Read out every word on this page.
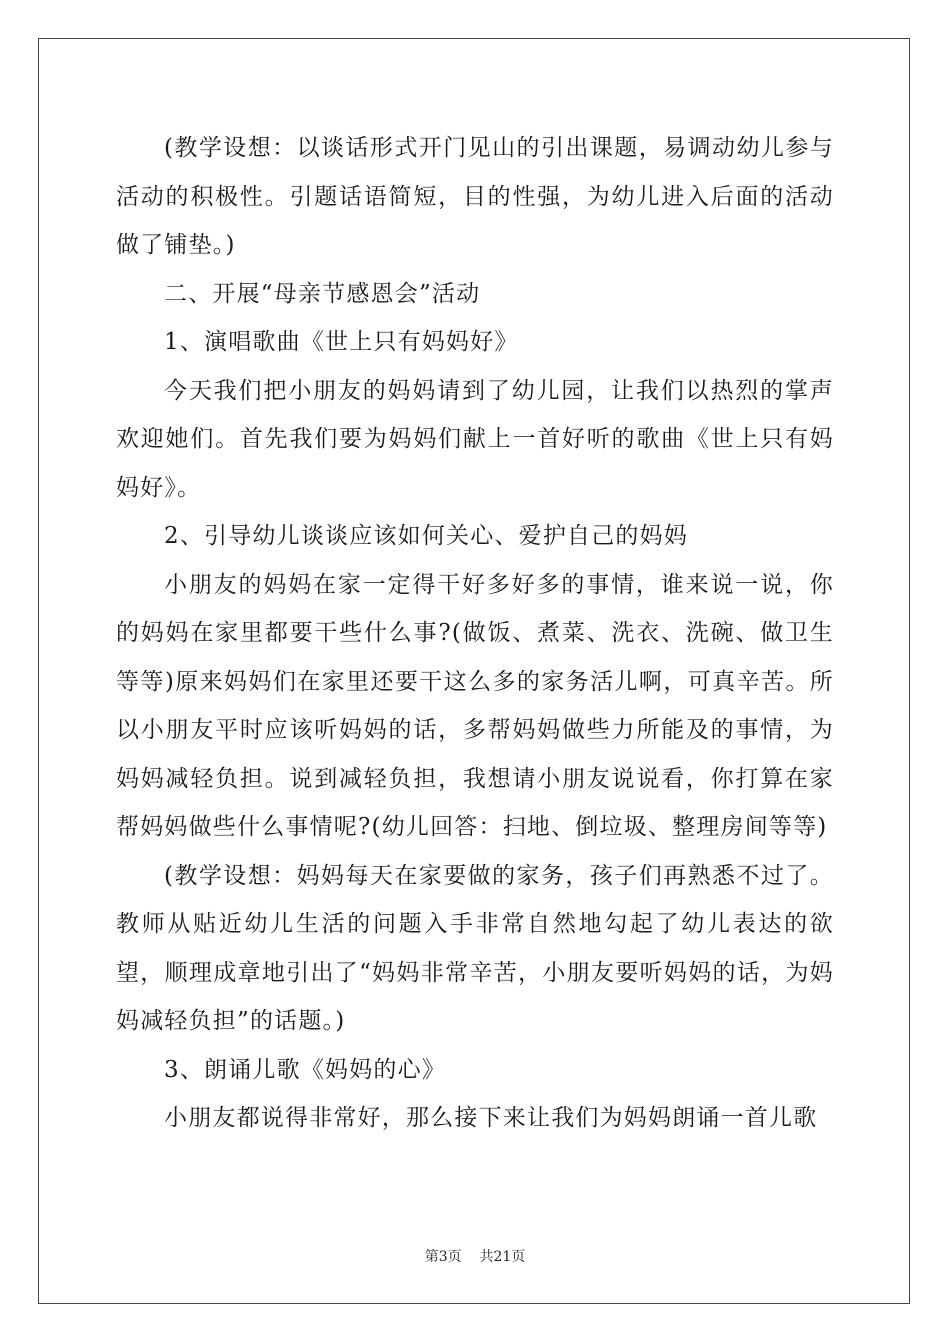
(教学设想：以谈话形式开门见山的引出课题，易调动幼儿参与活动的积极性。引题话语简短，目的性强，为幼儿进入后面的活动做了铺垫。)

二、开展“母亲节感恩会”活动

1、演唱歌曲《世上只有妈妈好》

今天我们把小朋友的妈妈请到了幼儿园，让我们以热烈的掌声欢迎她们。首先我们要为妈妈们献上一首好听的歌曲《世上只有妈妈好》。

2、引导幼儿谈谈应该如何关心、爱护自己的妈妈

小朋友的妈妈在家一定得干好多好多的事情，谁来说一说，你的妈妈在家里都要干些什么事?(做饭、煮菜、洗衣、洗碗、做卫生等等)原来妈妈们在家里还要干这么多的家务活儿啊，可真辛苦。所以小朋友平时应该听妈妈的话，多帮妈妈做些力所能及的事情，为妈妈减轻负担。说到减轻负担，我想请小朋友说说看，你打算在家帮妈妈做些什么事情呢?(幼儿回答：扫地、倒垃圾、整理房间等等)

(教学设想：妈妈每天在家要做的家务，孩子们再熟悉不过了。教师从贴近幼儿生活的问题入手非常自然地勾起了幼儿表达的欲望，顺理成章地引出了“妈妈非常辛苦，小朋友要听妈妈的话，为妈妈减轻负担”的话题。)

3、朗诵儿歌《妈妈的心》

小朋友都说得非常好，那么接下来让我们为妈妈朗诵一首儿歌

第3页    共21页
